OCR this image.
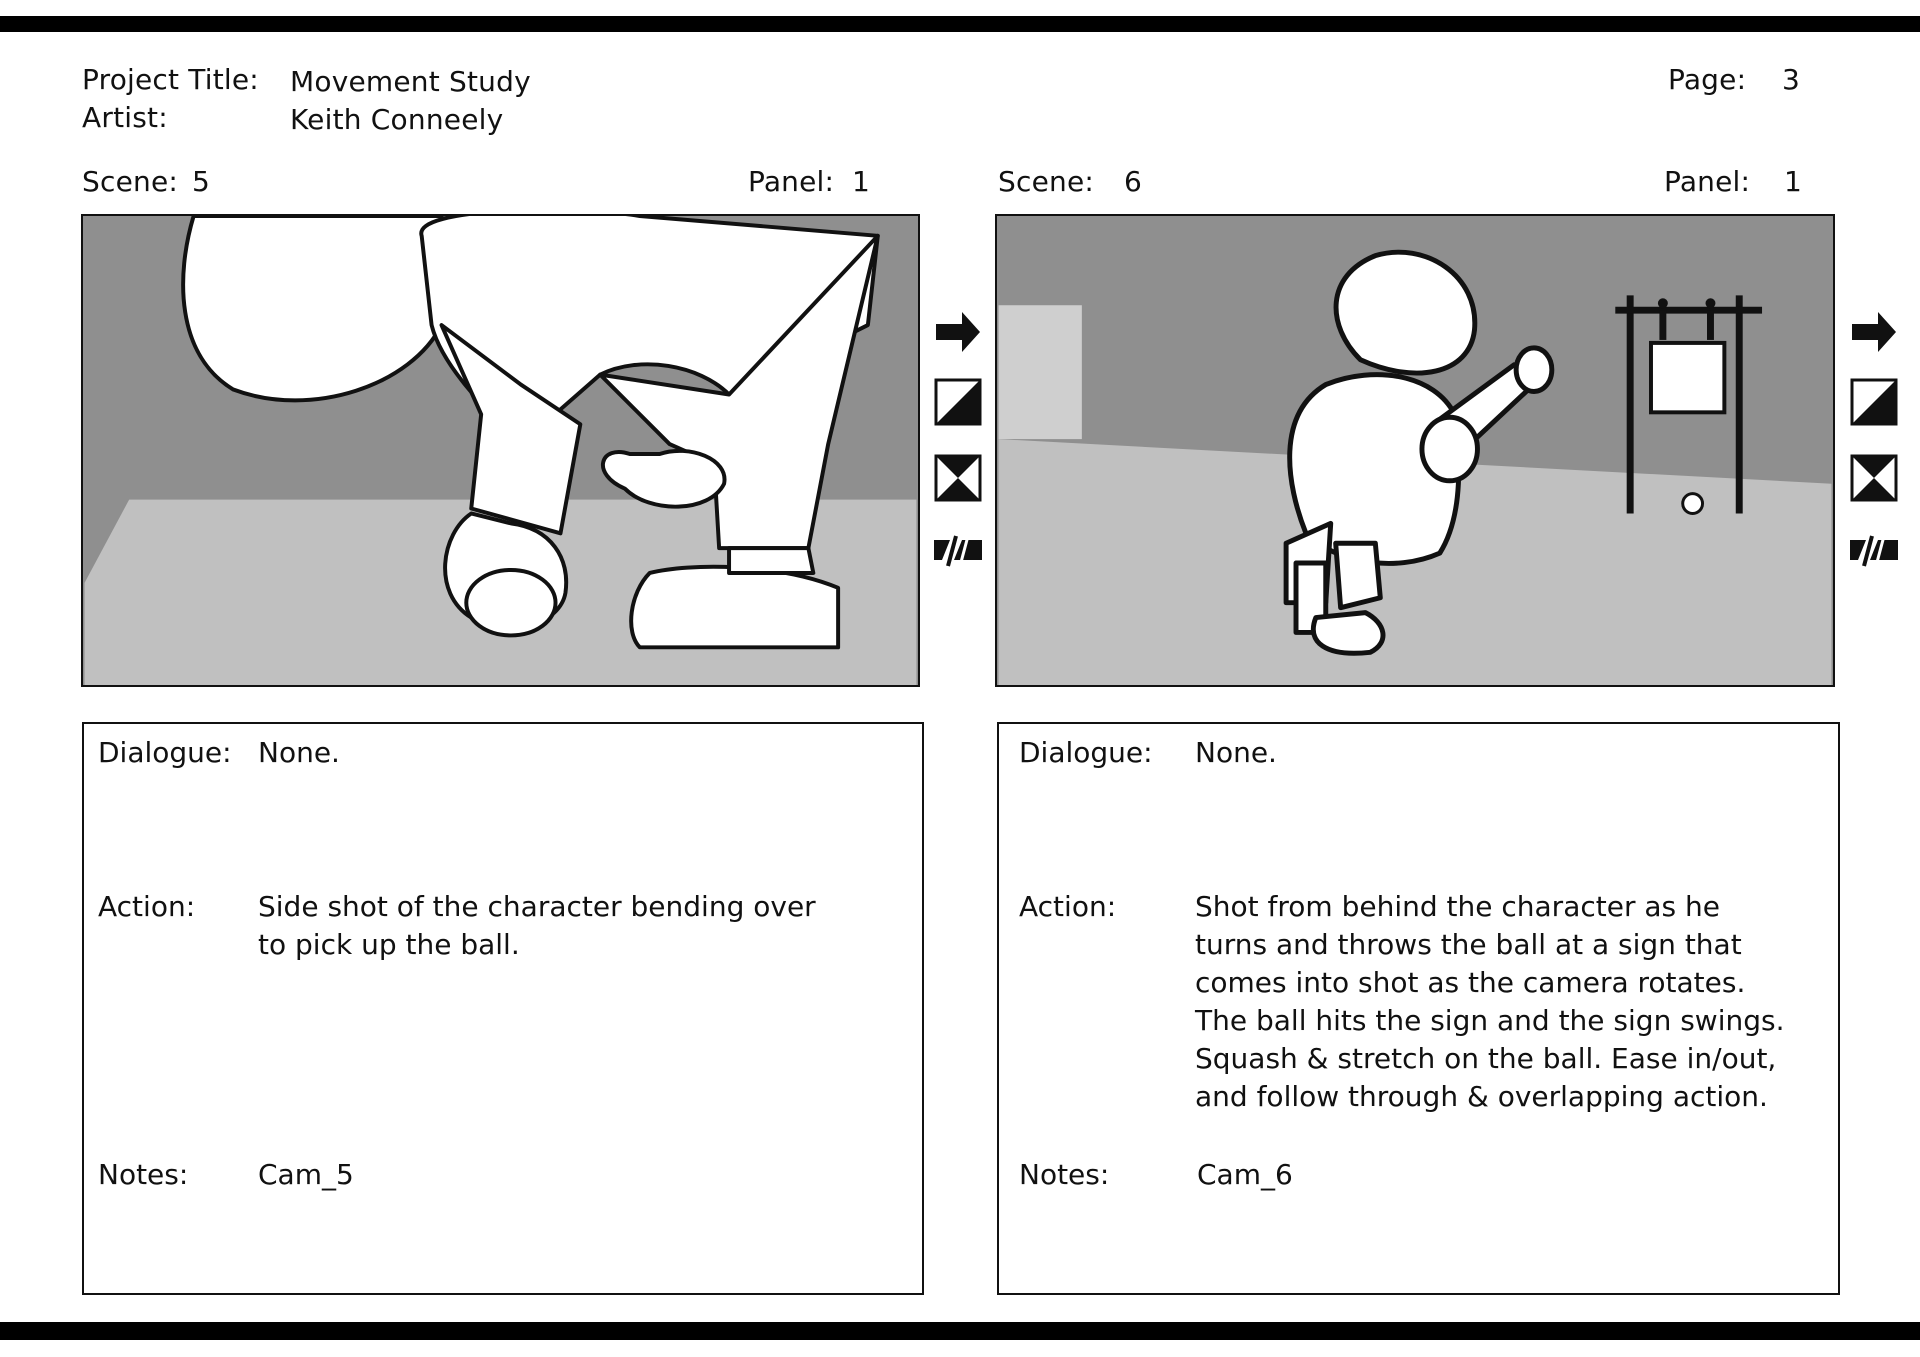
Project Title: Movement Study
Artist:	Keith Conneely
Page: 3
Scene: 5	Panel: 1	Scene: 6	Panel: 1
Dialogue: None.
Action: Side shot of the character bending over
to pick up the ball.
Notes: Cam_5
Dialogue: None.
Action:	Shot from behind the character as he
turns and throws the ball at a sign that
comes into shot as the camera rotates.
The ball hits the sign and the sign swings.
Squash & stretch on the ball. Ease in/out,
and follow through & overlapping action.
Notes:	Cam_6
